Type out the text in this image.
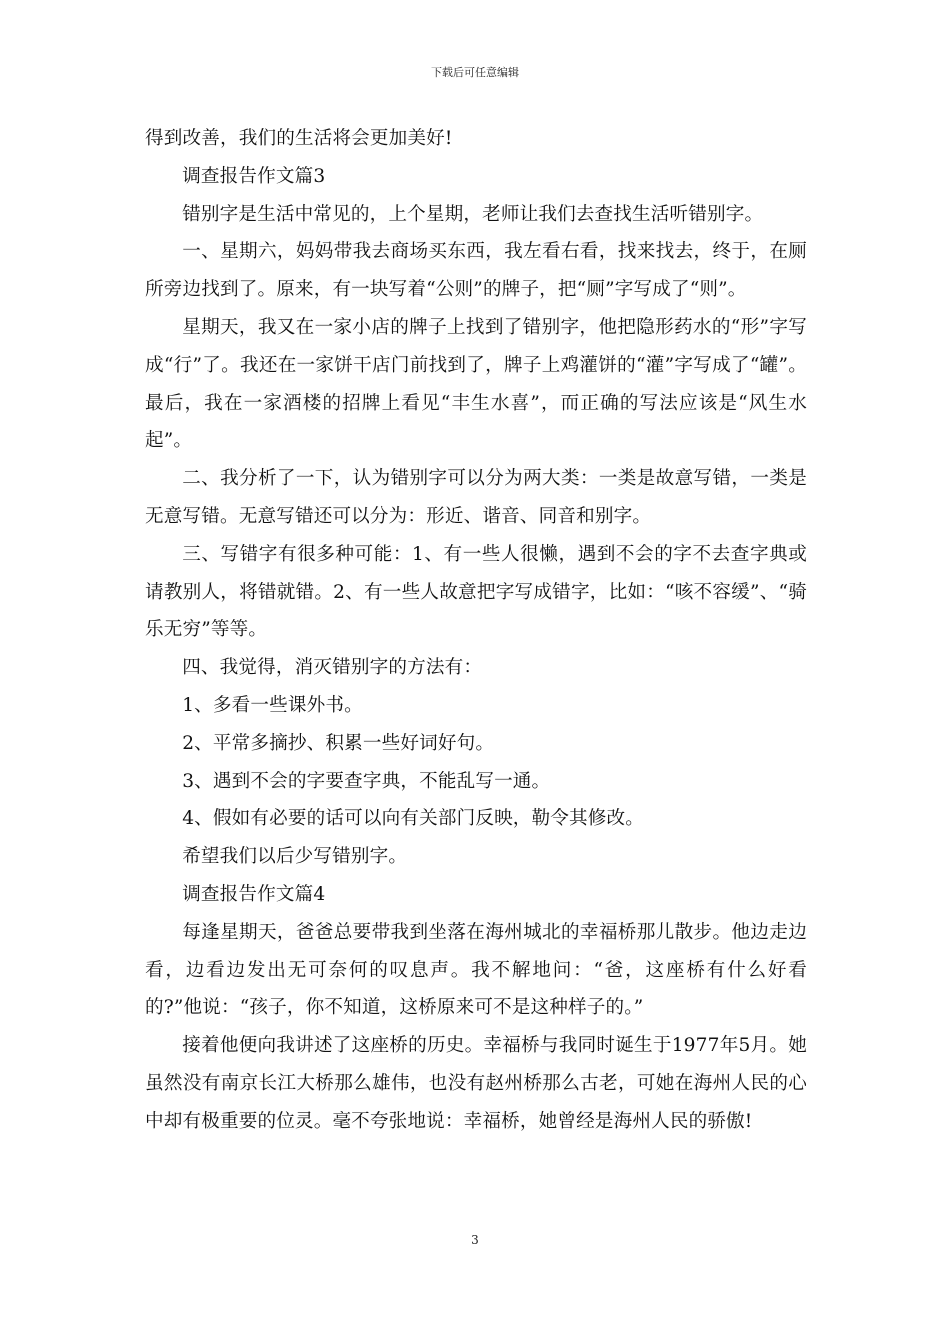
下载后可任意编辑

得到改善，我们的生活将会更加美好!

调查报告作文篇3

错别字是生活中常见的，上个星期，老师让我们去查找生活听错别字。

一、星期六，妈妈带我去商场买东西，我左看右看，找来找去，终于，在厕所旁边找到了。原来，有一块写着“公则”的牌子，把“厕”字写成了“则”。

星期天，我又在一家小店的牌子上找到了错别字，他把隐形药水的“形”字写成“行”了。我还在一家饼干店门前找到了，牌子上鸡灌饼的“灌”字写成了“罐”。最后，我在一家酒楼的招牌上看见“丰生水喜”，而正确的写法应该是“风生水起”。

二、我分析了一下，认为错别字可以分为两大类：一类是故意写错，一类是无意写错。无意写错还可以分为：形近、谐音、同音和别字。

三、写错字有很多种可能：1、有一些人很懒，遇到不会的字不去查字典或请教别人，将错就错。2、有一些人故意把字写成错字，比如：“咳不容缓”、“骑乐无穷”等等。

四、我觉得，消灭错别字的方法有：

1、多看一些课外书。

2、平常多摘抄、积累一些好词好句。

3、遇到不会的字要查字典，不能乱写一通。

4、假如有必要的话可以向有关部门反映，勒令其修改。

希望我们以后少写错别字。

调查报告作文篇4

每逢星期天，爸爸总要带我到坐落在海州城北的幸福桥那儿散步。他边走边看，边看边发出无可奈何的叹息声。我不解地问：“爸，这座桥有什么好看的?”他说：“孩子，你不知道，这桥原来可不是这种样子的。”

接着他便向我讲述了这座桥的历史。幸福桥与我同时诞生于1977年5月。她虽然没有南京长江大桥那么雄伟，也没有赵州桥那么古老，可她在海州人民的心中却有极重要的位灵。毫不夸张地说：幸福桥，她曾经是海州人民的骄傲!

3
